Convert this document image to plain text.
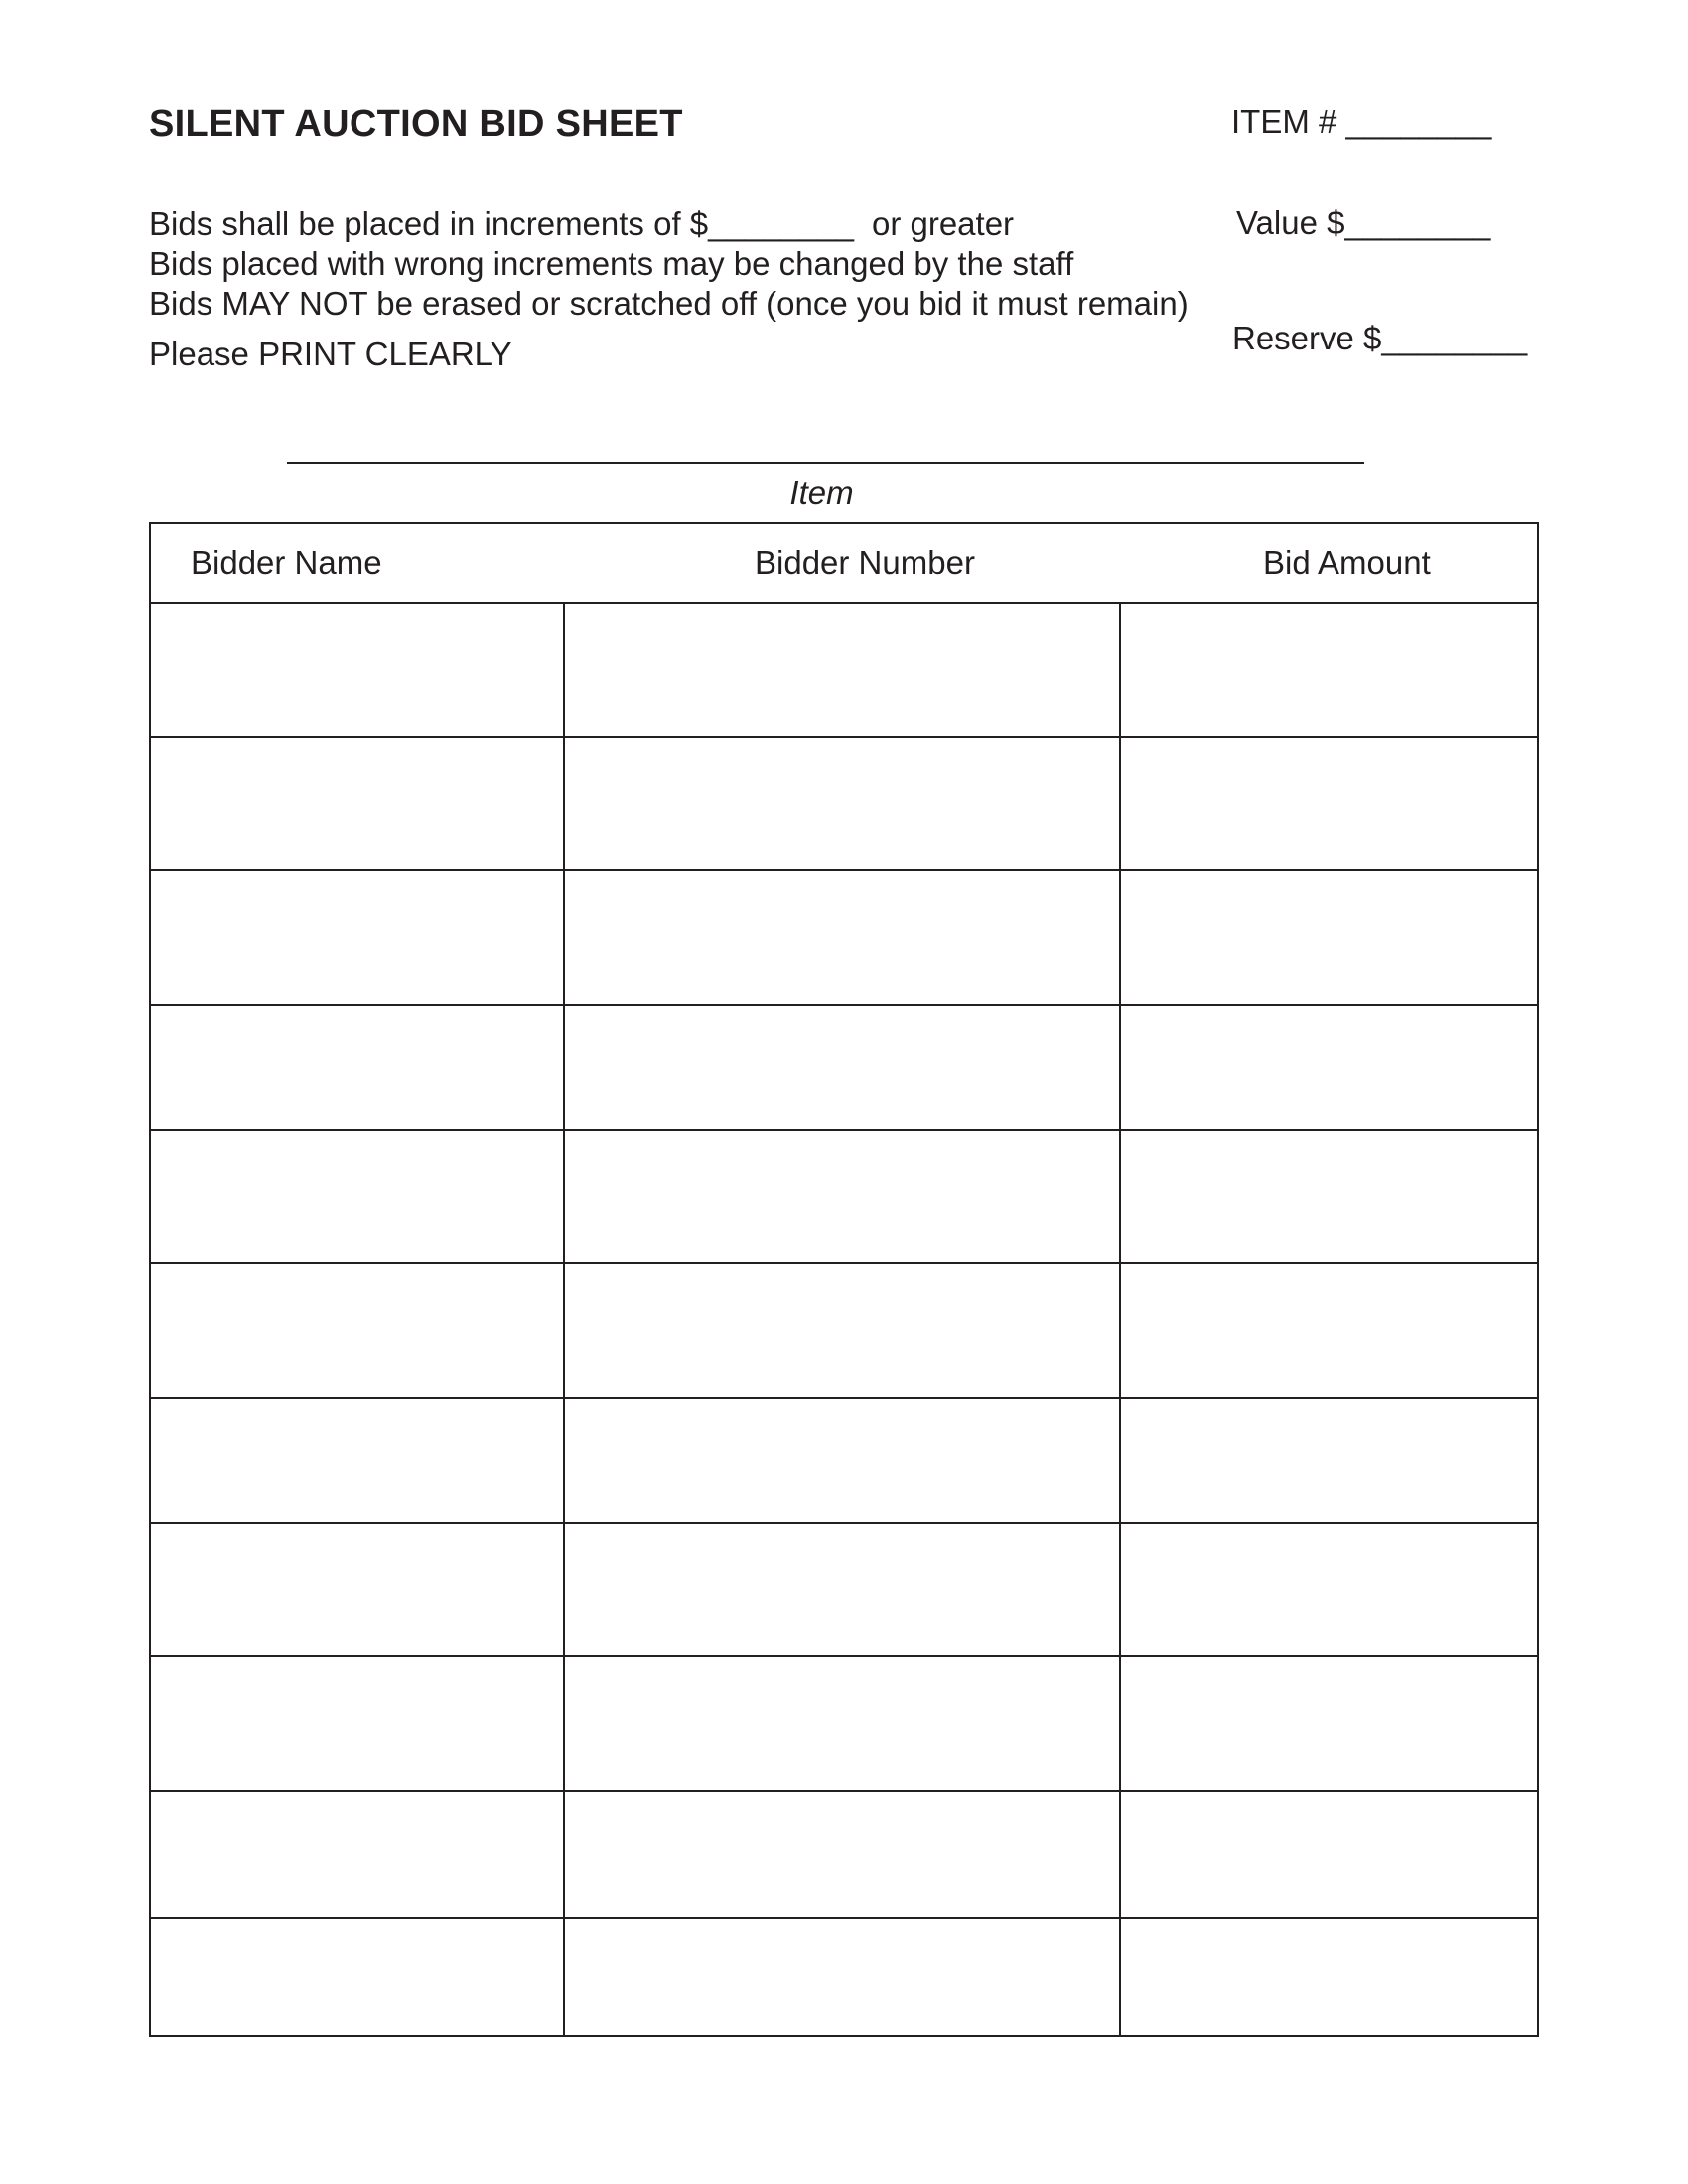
SILENT AUCTION BID SHEET	ITEM # ________
Bids shall be placed in increments of $________ or greater
Bids placed with wrong increments may be changed by the staff
Bids MAY NOT be erased or scratched off (once you bid it must remain)
Value $________
Reserve $________
Please PRINT CLEARLY
Item
Bidder Name	Bidder Number	Bid Amount
